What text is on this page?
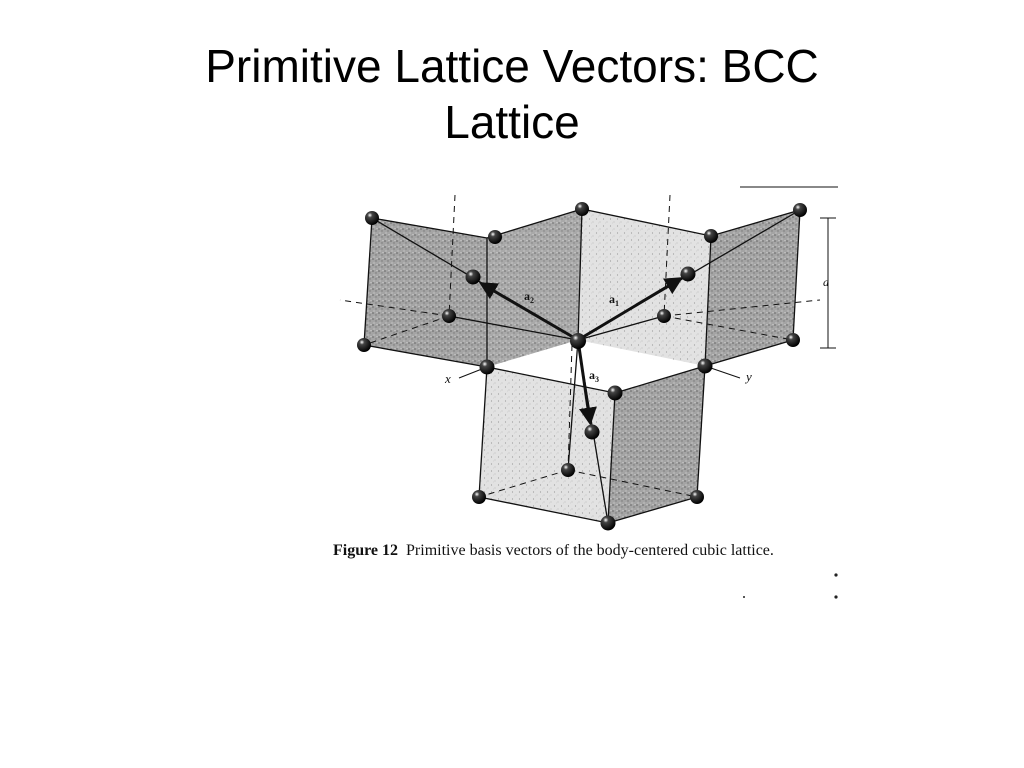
Primitive Lattice Vectors: BCC
Lattice
$a_1$
$a_2$
$a_3$
x	y
a
Figure 12 Primitive basis vectors of the body-centered cubic lattice.
